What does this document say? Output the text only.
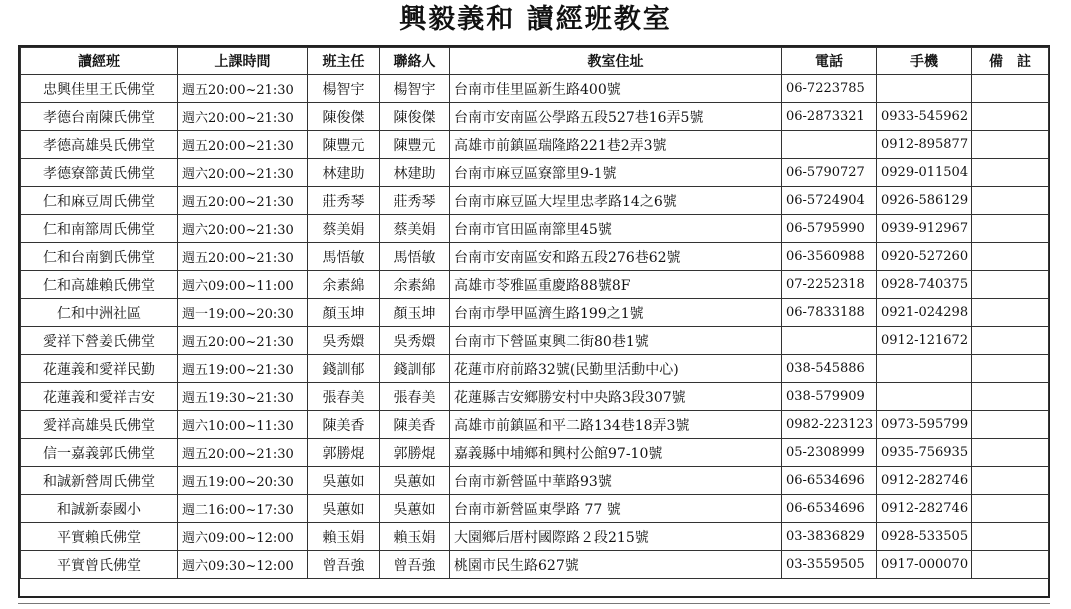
興毅義和 讀經班教室
讀經班	上課時間	班主任	聯絡人	教室住址	電話	手機	備　註
忠興佳里王氏佛堂	週五20:00~21:30	楊智宇	楊智宇	台南市佳里區新生路400號	06-7223785		
孝德台南陳氏佛堂	週六20:00~21:30	陳俊傑	陳俊傑	台南市安南區公學路五段527巷16弄5號	06-2873321	0933-545962	
孝德高雄吳氏佛堂	週五20:00~21:30	陳豐元	陳豐元	高雄市前鎮區瑞隆路221巷2弄3號		0912-895877	
孝德寮篰黃氏佛堂	週六20:00~21:30	林建助	林建助	台南市麻豆區寮篰里9-1號	06-5790727	0929-011504	
仁和麻豆周氏佛堂	週五20:00~21:30	莊秀琴	莊秀琴	台南市麻豆區大埕里忠孝路14之6號	06-5724904	0926-586129	
仁和南篰周氏佛堂	週六20:00~21:30	蔡美娟	蔡美娟	台南市官田區南篰里45號	06-5795990	0939-912967	
仁和台南劉氏佛堂	週五20:00~21:30	馬悟敏	馬悟敏	台南市安南區安和路五段276巷62號	06-3560988	0920-527260	
仁和高雄賴氏佛堂	週六09:00~11:00	余素綿	余素綿	高雄市苓雅區重慶路88號8F	07-2252318	0928-740375	
仁和中洲社區	週一19:00~20:30	顏玉坤	顏玉坤	台南市學甲區濟生路199之1號	06-7833188	0921-024298	
愛祥下營姜氏佛堂	週五20:00~21:30	吳秀嬛	吳秀嬛	台南市下營區東興二街80巷1號		0912-121672	
花蓮義和愛祥民勤	週五19:00~21:30	錢訓郁	錢訓郁	花蓮市府前路32號(民勤里活動中心)	038-545886		
花蓮義和愛祥吉安	週五19:30~21:30	張春美	張春美	花蓮縣吉安鄉勝安村中央路3段307號	038-579909		
愛祥高雄吳氏佛堂	週六10:00~11:30	陳美香	陳美香	高雄市前鎮區和平二路134巷18弄3號	0982-223123	0973-595799	
信一嘉義郭氏佛堂	週五20:00~21:30	郭勝焜	郭勝焜	嘉義縣中埔鄉和興村公館97-10號	05-2308999	0935-756935	
和誠新營周氏佛堂	週五19:00~20:30	吳蕙如	吳蕙如	台南市新營區中華路93號	06-6534696	0912-282746	
和誠新泰國小	週二16:00~17:30	吳蕙如	吳蕙如	台南市新營區東學路 77 號	06-6534696	0912-282746	
平實賴氏佛堂	週六09:00~12:00	賴玉娟	賴玉娟	大園鄉后厝村國際路２段215號	03-3836829	0928-533505	
平實曾氏佛堂	週六09:30~12:00	曾吾強	曾吾強	桃園市民生路627號	03-3559505	0917-000070	
